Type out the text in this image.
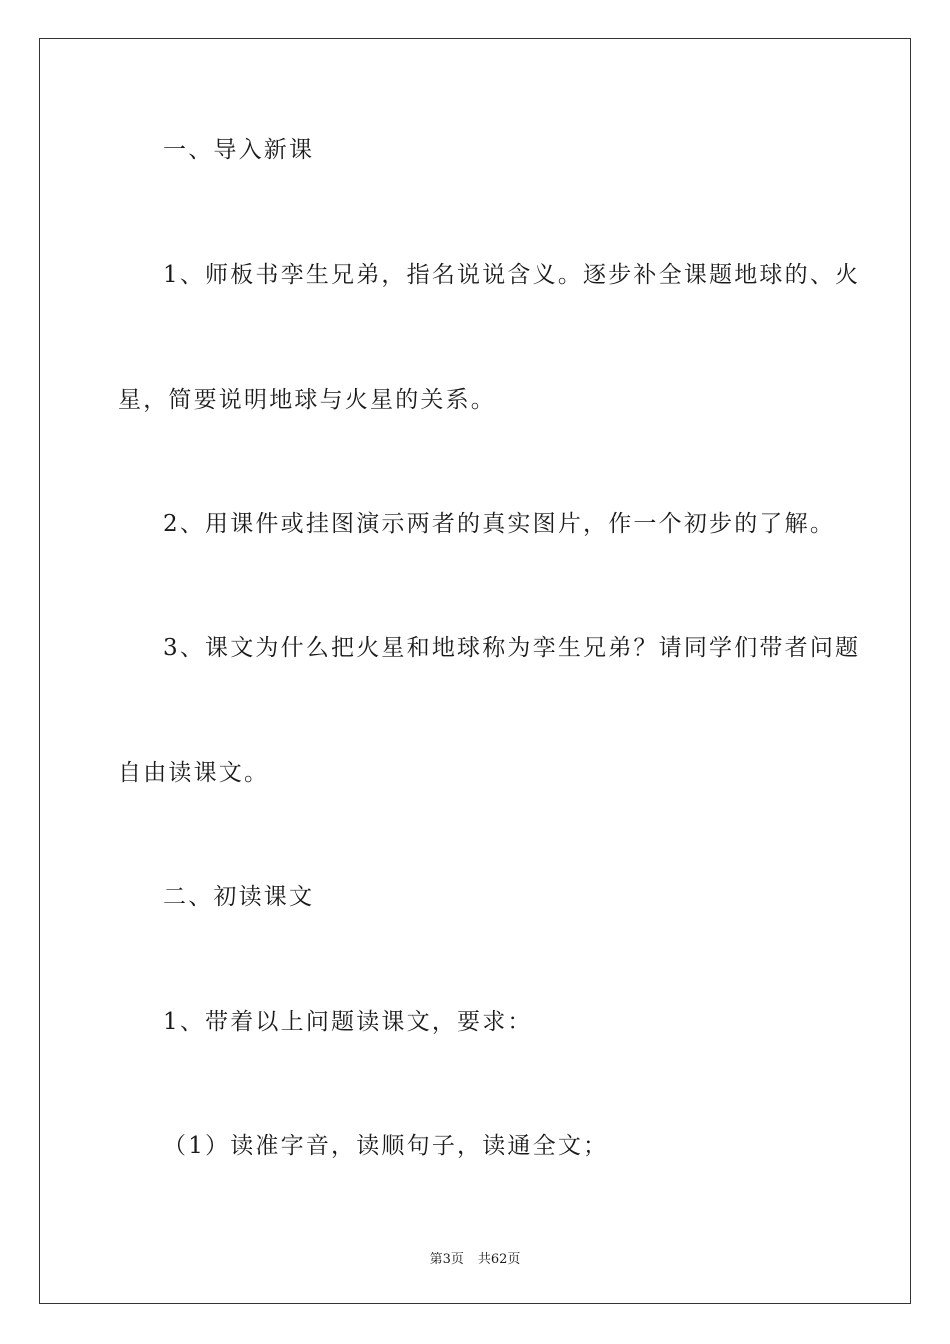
一、导入新课
1、师板书孪生兄弟，指名说说含义。逐步补全课题地球的、火
星，简要说明地球与火星的关系。
2、用课件或挂图演示两者的真实图片，作一个初步的了解。
3、课文为什么把火星和地球称为孪生兄弟？请同学们带者问题
自由读课文。
二、初读课文
1、带着以上问题读课文，要求：
（1）读准字音，读顺句子，读通全文；
第3页 共62页
